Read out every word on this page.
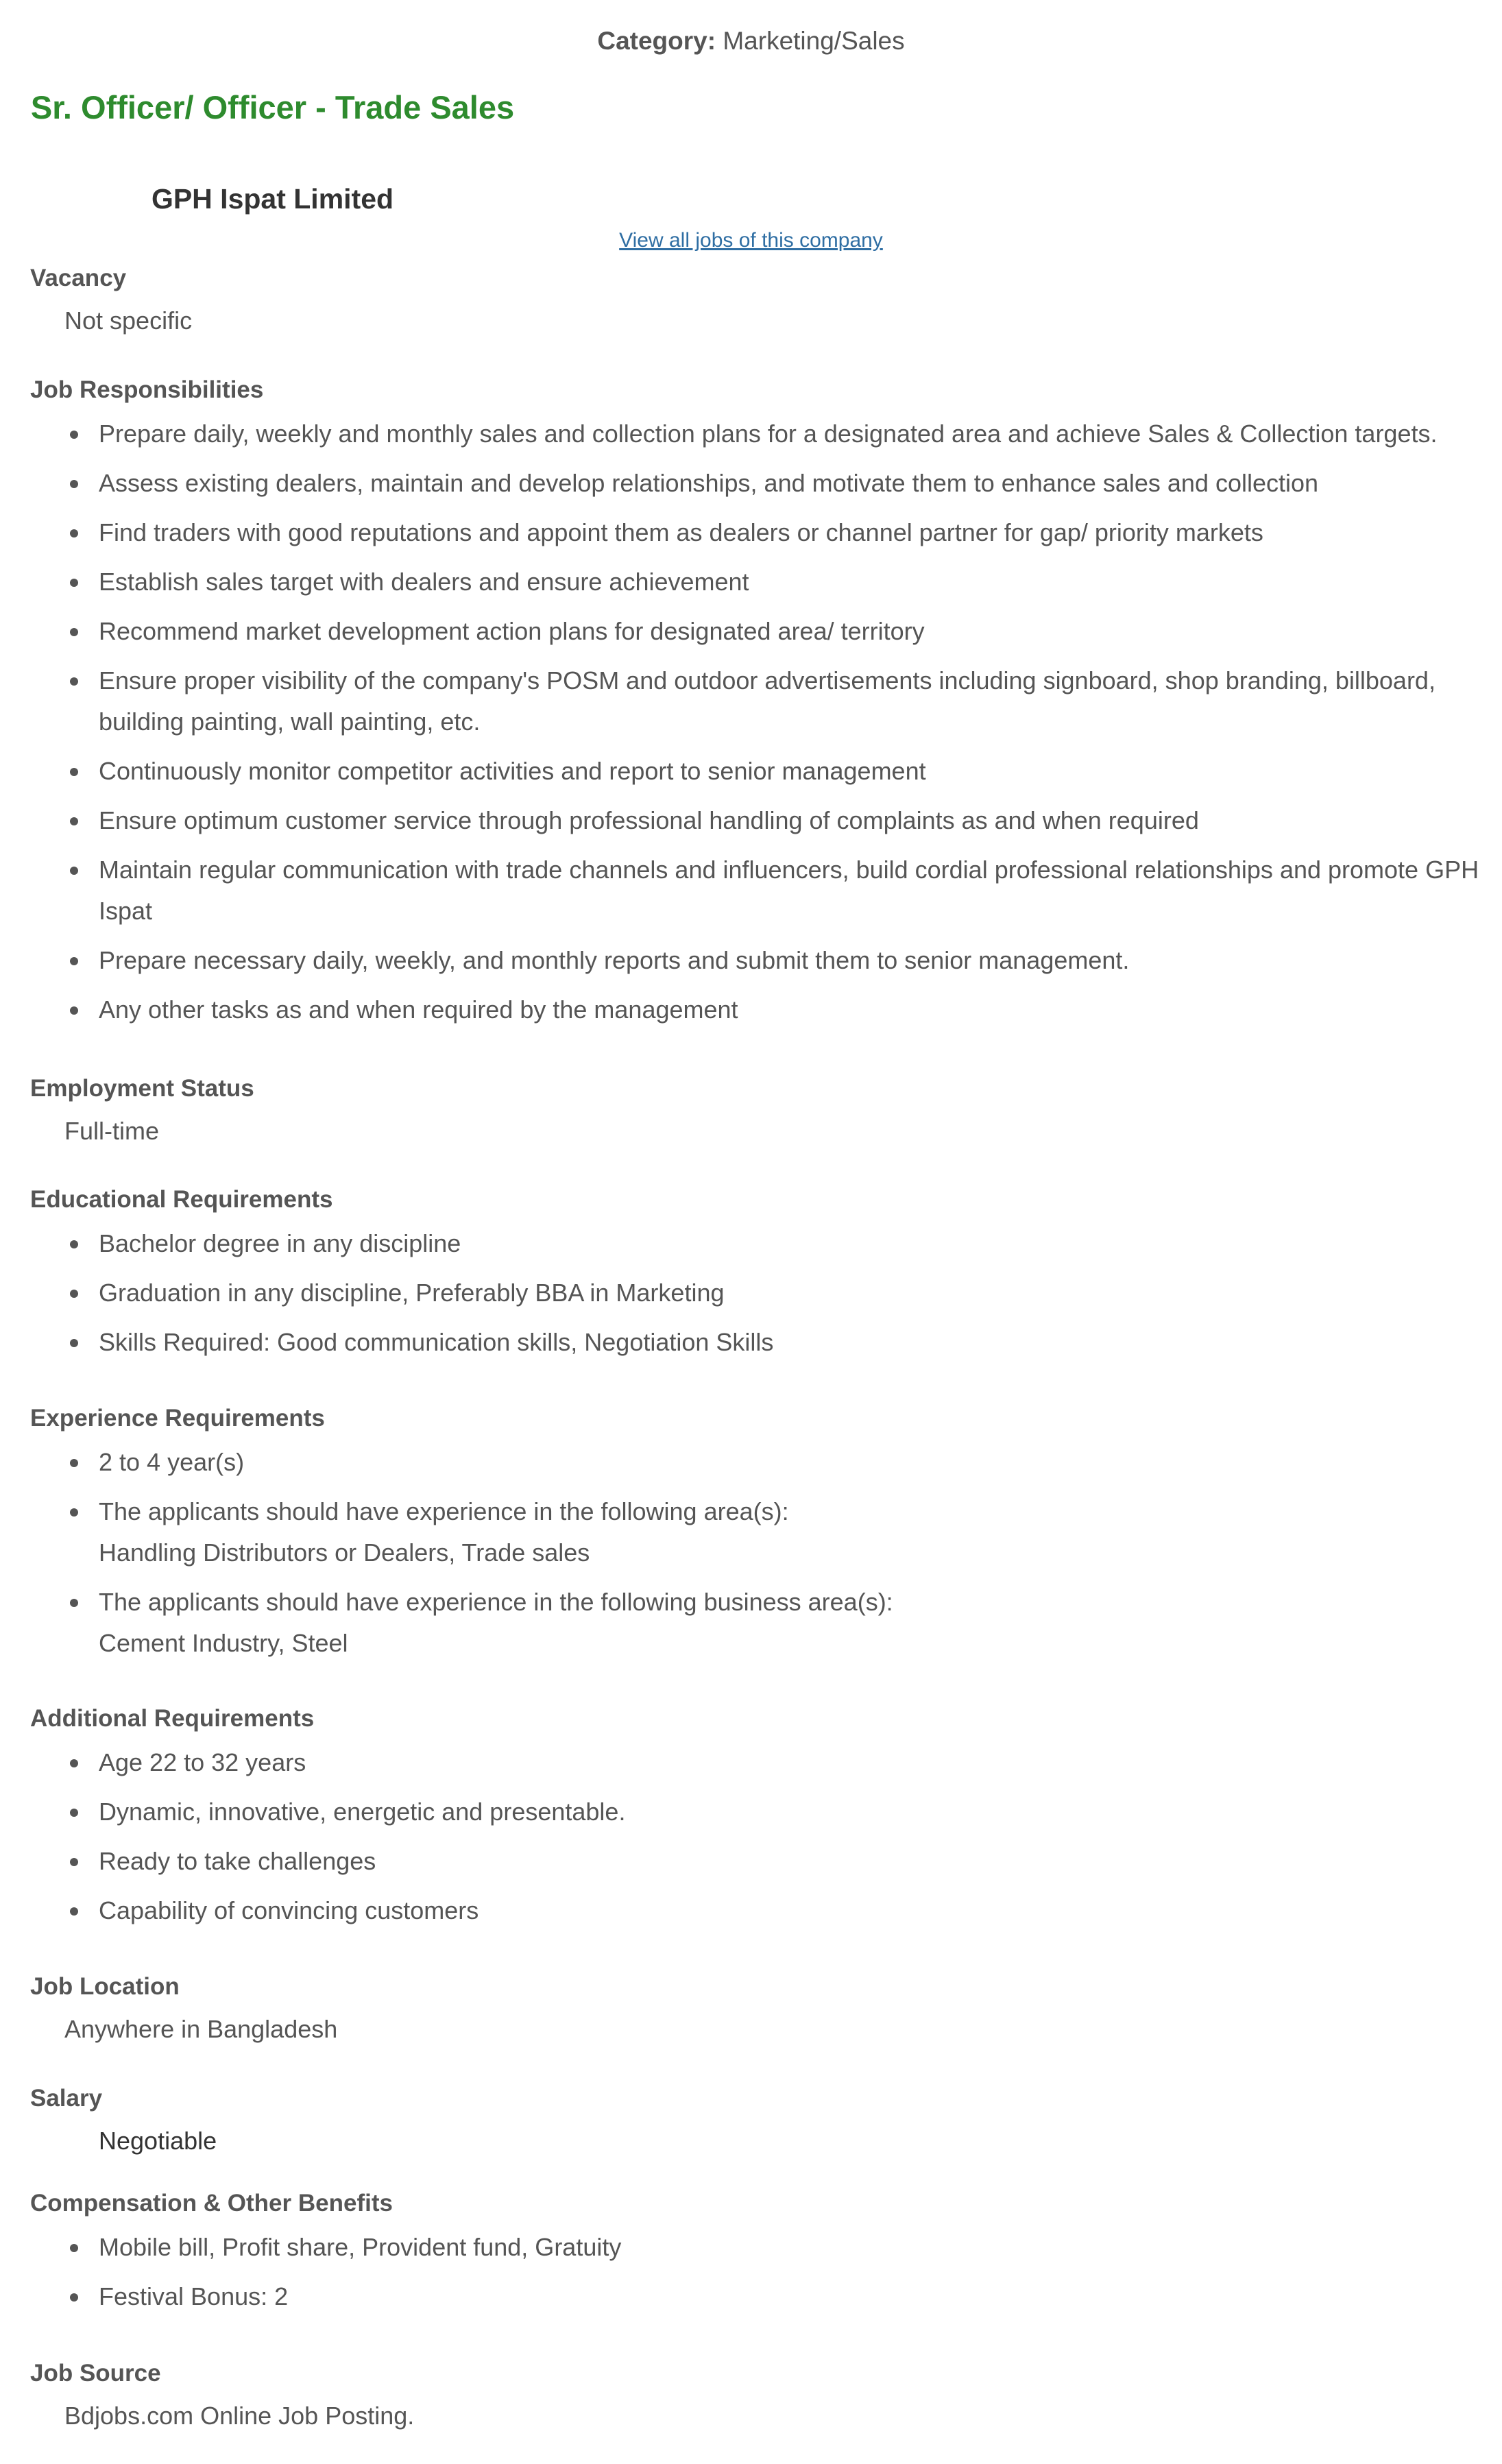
Category: Marketing/Sales
Sr. Officer/ Officer - Trade Sales
GPH Ispat Limited
View all jobs of this company
Vacancy
Not specific
Job Responsibilities
Prepare daily, weekly and monthly sales and collection plans for a designated area and achieve Sales & Collection targets.
Assess existing dealers, maintain and develop relationships, and motivate them to enhance sales and collection
Find traders with good reputations and appoint them as dealers or channel partner for gap/ priority markets
Establish sales target with dealers and ensure achievement
Recommend market development action plans for designated area/ territory
Ensure proper visibility of the company's POSM and outdoor advertisements including signboard, shop branding, billboard, building painting, wall painting, etc.
Continuously monitor competitor activities and report to senior management
Ensure optimum customer service through professional handling of complaints as and when required
Maintain regular communication with trade channels and influencers, build cordial professional relationships and promote GPH Ispat
Prepare necessary daily, weekly, and monthly reports and submit them to senior management.
Any other tasks as and when required by the management
Employment Status
Full-time
Educational Requirements
Bachelor degree in any discipline
Graduation in any discipline, Preferably BBA in Marketing
Skills Required: Good communication skills, Negotiation Skills
Experience Requirements
2 to 4 year(s)
The applicants should have experience in the following area(s):
Handling Distributors or Dealers, Trade sales
The applicants should have experience in the following business area(s):
Cement Industry, Steel
Additional Requirements
Age 22 to 32 years
Dynamic, innovative, energetic and presentable.
Ready to take challenges
Capability of convincing customers
Job Location
Anywhere in Bangladesh
Salary
Negotiable
Compensation & Other Benefits
Mobile bill, Profit share, Provident fund, Gratuity
Festival Bonus: 2
Job Source
Bdjobs.com Online Job Posting.
